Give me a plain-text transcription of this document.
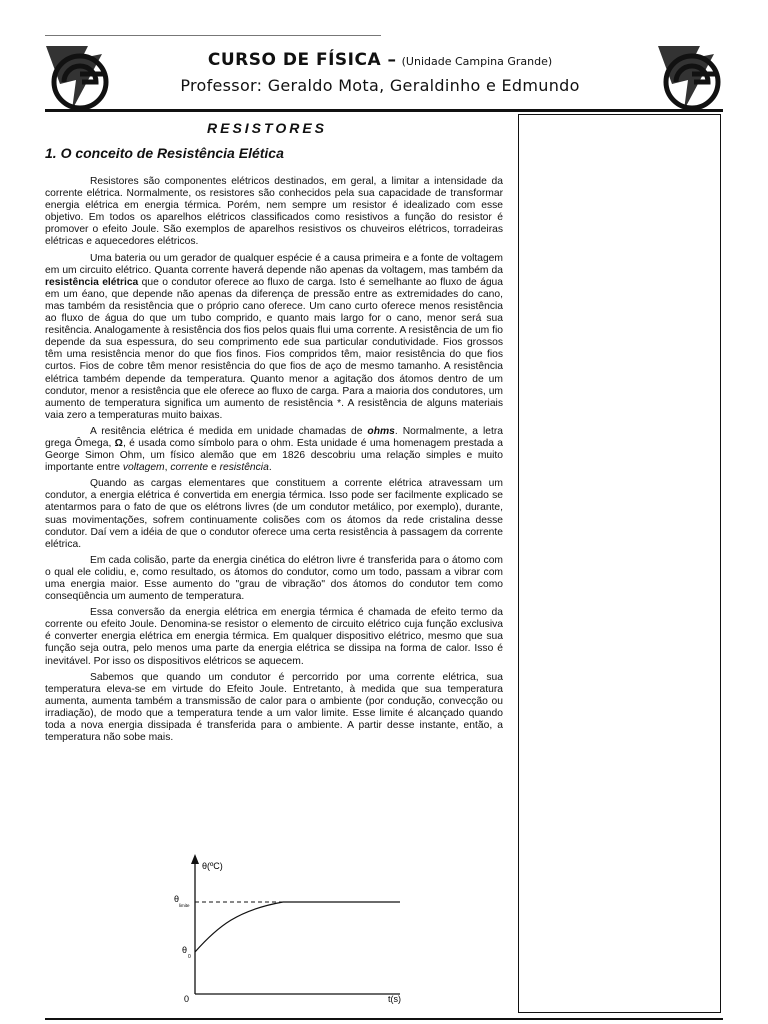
CURSO DE FÍSICA – (Unidade Campina Grande)
Professor: Geraldo Mota, Geraldinho e Edmundo
RESISTORES
1. O conceito de Resistência Elética

Resistores são componentes elétricos destinados, em geral, a limitar a intensidade da corrente elétrica. Normalmente, os resistores são conhecidos pela sua capacidade de transformar energia elétrica em energia térmica. Porém, nem sempre um resistor é idealizado com esse objetivo. Em todos os aparelhos elétricos classificados como resistivos a função do resistor é promover o efeito Joule. São exemplos de aparelhos resistivos os chuveiros elétricos, torradeiras elétricas e aquecedores elétricos.

Uma bateria ou um gerador de qualquer espécie é a causa primeira e a fonte de voltagem em um circuito elétrico. Quanta corrente haverá depende não apenas da voltagem, mas também da resistência elétrica que o condutor oferece ao fluxo de carga. Isto é semelhante ao fluxo de água em um éano, que depende não apenas da diferença de pressão entre as extremidades do cano, mas também da resistência que o próprio cano oferece. Um cano curto oferece menos resistência ao fluxo de água do que um tubo comprido, e quanto mais largo for o cano, menor será sua resitência. Analogamente à resistência dos fios pelos quais flui uma corrente. A resistência de um fio depende da sua espessura, do seu comprimento ede sua particular condutividade. Fios grossos têm uma resistência menor do que fios finos. Fios compridos têm, maior resistência do que fios curtos. Fios de cobre têm menor resistência do que fios de aço de mesmo tamanho. A resistência elétrica também depende da temperatura. Quanto menor a agitação dos átomos dentro de um condutor, menor a resistência que ele oferece ao fluxo de carga. Para a maioria dos condutores, um aumento de temperatura significa um aumento de resistência *. A resistência de alguns materiais vaia zero a temperaturas muito baixas.

A resitência elétrica é medida em unidade chamadas de ohms. Normalmente, a letra grega Ômega, Ω, é usada como símbolo para o ohm. Esta unidade é uma homenagem prestada a George Simon Ohm, um físico alemão que em 1826 descobriu uma relação simples e muito importante entre voltagem, corrente e resistência.

Quando as cargas elementares que constituem a corrente elétrica atravessam um condutor, a energia elétrica é convertida em energia térmica. Isso pode ser facilmente explicado se atentarmos para o fato de que os elétrons livres (de um condutor metálico, por exemplo), durante, suas movimentações, sofrem continuamente colisões com os átomos da rede cristalina desse condutor. Daí vem a idéia de que o condutor oferece uma certa resistência à passagem da corrente elétrica.

Em cada colisão, parte da energia cinética do elétron livre é transferida para o átomo com o qual ele colidiu, e, como resultado, os átomos do condutor, como um todo, passam a vibrar com uma energia maior. Esse aumento do "grau de vibração" dos átomos do condutor tem como conseqüência um aumento de temperatura.

Essa conversão da energia elétrica em energia térmica é chamada de efeito termo da corrente ou efeito Joule. Denomina-se resistor o elemento de circuito elétrico cuja função exclusiva é converter energia elétrica em energia térmica. Em qualquer dispositivo elétrico, mesmo que sua função seja outra, pelo menos uma parte da energia elétrica se dissipa na forma de calor. Isso é inevitável. Por isso os dispositivos elétricos se aquecem.

Sabemos que quando um condutor é percorrido por uma corrente elétrica, sua temperatura eleva-se em virtude do Efeito Joule. Entretanto, à medida que sua temperatura aumenta, aumenta também a transmissão de calor para o ambiente (por condução, convecção ou irradiação), de modo que a temperatura tende a um valor limite. Esse limite é alcançado quando toda a nova energia dissipada é transferida para o ambiente. A partir desse instante, então, a temperatura não sobe mais.

θ(ºC)
t(s)
0
θ
limite
θ
0
